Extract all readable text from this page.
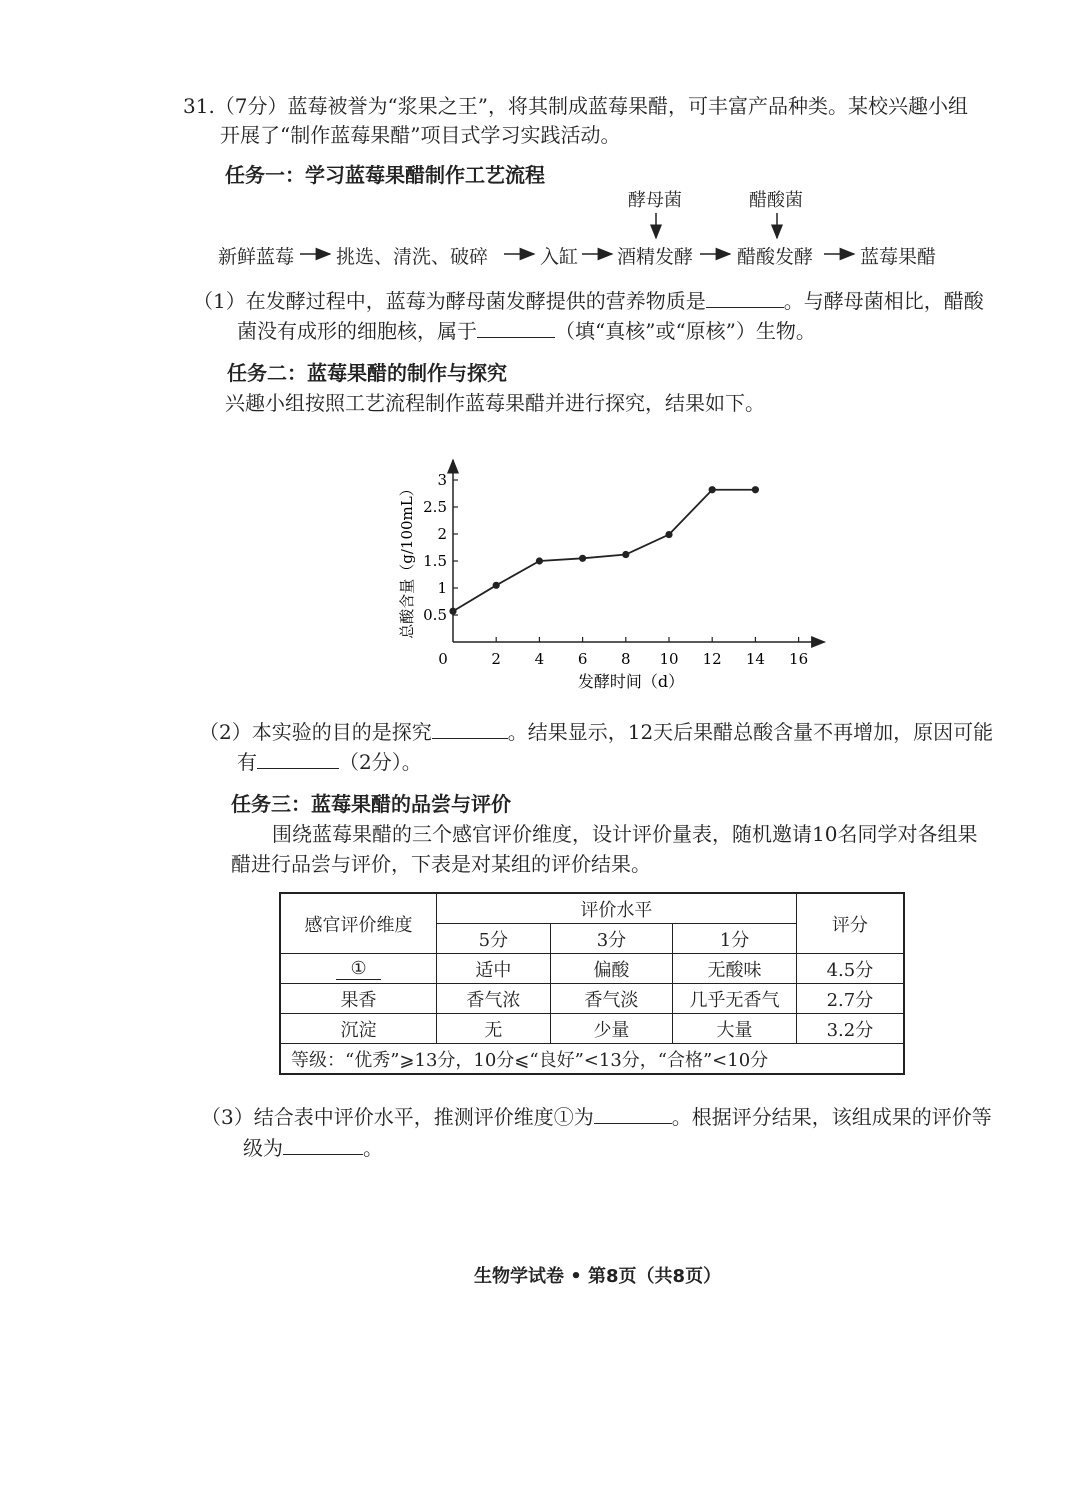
31.（7分）蓝莓被誉为“浆果之王”，将其制成蓝莓果醋，可丰富产品种类。某校兴趣小组
开展了“制作蓝莓果醋”项目式学习实践活动。
任务一：学习蓝莓果醋制作工艺流程
酵母菌	醋酸菌
新鲜蓝莓 挑选、清洗、破碎	入缸 酒精发酵 醋酸发酵 蓝莓果醋
（1）在发酵过程中，蓝莓为酵母菌发酵提供的营养物质是	。与酵母菌相比，醋酸
菌没有成形的细胞核，属于	（填“真核”或“原核”）生物。
任务二：蓝莓果醋的制作与探究
兴趣小组按照工艺流程制作蓝莓果醋并进行探究，结果如下。
0	2 4 6 8 10 12 14 16
0.5
1
1.5
2
2.5
3
发酵时间（d）
总酸含量（g/100mL）
（2）本实验的目的是探究	。结果显示，12天后果醋总酸含量不再增加，原因可能
有	（2分）。
任务三：蓝莓果醋的品尝与评价
围绕蓝莓果醋的三个感官评价维度，设计评价量表，随机邀请10名同学对各组果
醋进行品尝与评价，下表是对某组的评价结果。
感官评价维度	评价水平			评分
	5分	3分	1分	
①	适中	偏酸	无酸味	4.5分
果香	香气浓	香气淡	几乎无香气	2.7分
沉淀	无	少量	大量	3.2分
等级：“优秀”⩾13分，10分⩽“良好”<13分，“合格”<10分				
（3）结合表中评价水平，推测评价维度①为	。根据评分结果，该组成果的评价等
级为	。
生物学试卷 • 第8页（共8页）
